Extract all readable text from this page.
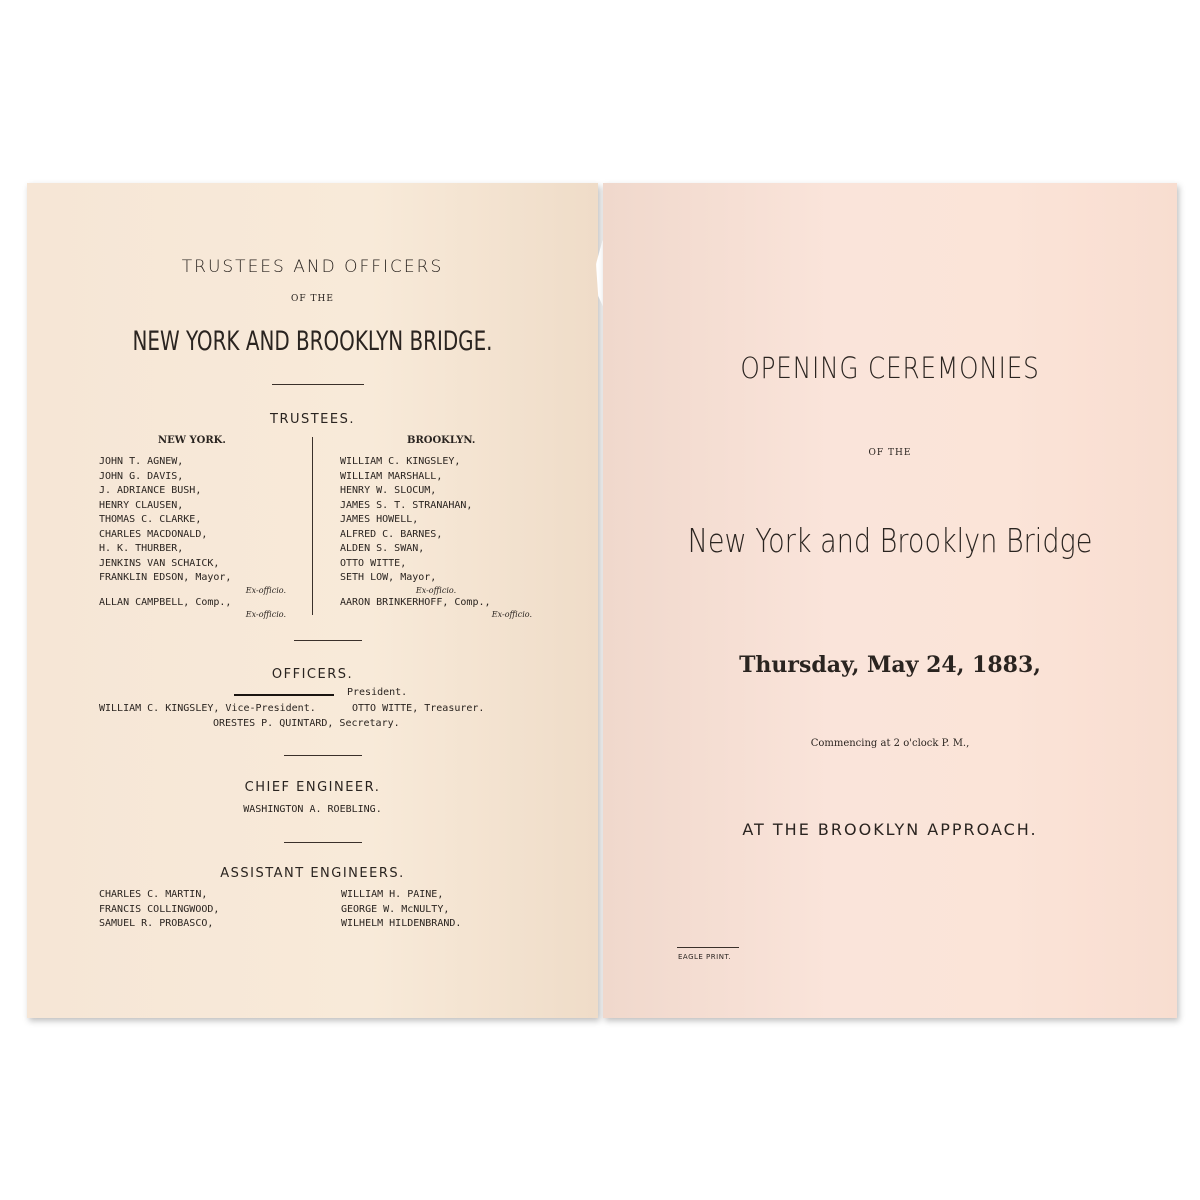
TRUSTEES AND OFFICERS
OF THE
NEW YORK AND BROOKLYN BRIDGE.
TRUSTEES.
NEW YORK.	BROOKLYN.
JOHN T. AGNEW,
JOHN G. DAVIS,
J. ADRIANCE BUSH,
HENRY CLAUSEN,
THOMAS C. CLARKE,
CHARLES MACDONALD,
H. K. THURBER,
JENKINS VAN SCHAICK,
FRANKLIN EDSON, Mayor,
Ex-officio.
ALLAN CAMPBELL, Comp.,
Ex-officio.
WILLIAM C. KINGSLEY,
WILLIAM MARSHALL,
HENRY W. SLOCUM,
JAMES S. T. STRANAHAN,
JAMES HOWELL,
ALFRED C. BARNES,
ALDEN S. SWAN,
OTTO WITTE,
SETH LOW, Mayor,
Ex-officio.
AARON BRINKERHOFF, Comp.,
Ex-officio.
OFFICERS.
President.
WILLIAM C. KINGSLEY, Vice-President.	OTTO WITTE, Treasurer.
ORESTES P. QUINTARD, Secretary.
CHIEF ENGINEER.
WASHINGTON A. ROEBLING.
ASSISTANT ENGINEERS.
CHARLES C. MARTIN,
FRANCIS COLLINGWOOD,
SAMUEL R. PROBASCO,
WILLIAM H. PAINE,
GEORGE W. McNULTY,
WILHELM HILDENBRAND.
OPENING CEREMONIES
OF THE
New York and Brooklyn Bridge
Thursday, May 24, 1883,
Commencing at 2 o'clock P. M.,
AT THE BROOKLYN APPROACH.
EAGLE PRINT.
